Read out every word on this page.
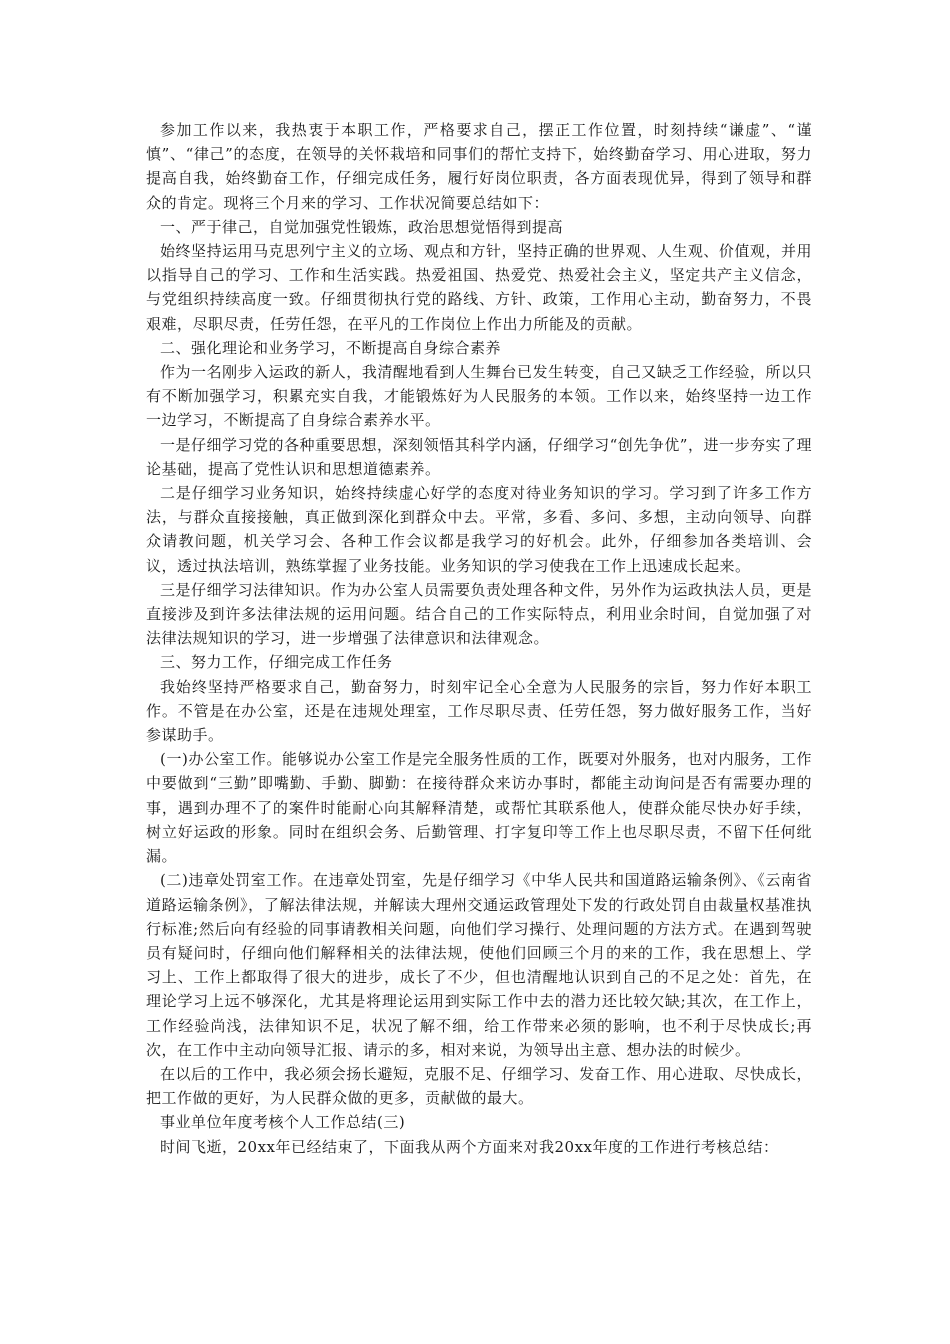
参加工作以来，我热衷于本职工作，严格要求自己，摆正工作位置，时刻持续“谦虚”、“谨慎”、“律己”的态度，在领导的关怀栽培和同事们的帮忙支持下，始终勤奋学习、用心进取，努力提高自我，始终勤奋工作，仔细完成任务，履行好岗位职责，各方面表现优异，得到了领导和群众的肯定。现将三个月来的学习、工作状况简要总结如下：

一、严于律己，自觉加强党性锻炼，政治思想觉悟得到提高

始终坚持运用马克思列宁主义的立场、观点和方针，坚持正确的世界观、人生观、价值观，并用以指导自己的学习、工作和生活实践。热爱祖国、热爱党、热爱社会主义，坚定共产主义信念，与党组织持续高度一致。仔细贯彻执行党的路线、方针、政策，工作用心主动，勤奋努力，不畏艰难，尽职尽责，任劳任怨，在平凡的工作岗位上作出力所能及的贡献。

二、强化理论和业务学习，不断提高自身综合素养

作为一名刚步入运政的新人，我清醒地看到人生舞台已发生转变，自己又缺乏工作经验，所以只有不断加强学习，积累充实自我，才能锻炼好为人民服务的本领。工作以来，始终坚持一边工作一边学习，不断提高了自身综合素养水平。

一是仔细学习党的各种重要思想，深刻领悟其科学内涵，仔细学习“创先争优”，进一步夯实了理论基础，提高了党性认识和思想道德素养。

二是仔细学习业务知识，始终持续虚心好学的态度对待业务知识的学习。学习到了许多工作方法，与群众直接接触，真正做到深化到群众中去。平常，多看、多问、多想，主动向领导、向群众请教问题，机关学习会、各种工作会议都是我学习的好机会。此外，仔细参加各类培训、会议，透过执法培训，熟练掌握了业务技能。业务知识的学习使我在工作上迅速成长起来。

三是仔细学习法律知识。作为办公室人员需要负责处理各种文件，另外作为运政执法人员，更是直接涉及到许多法律法规的运用问题。结合自己的工作实际特点，利用业余时间，自觉加强了对法律法规知识的学习，进一步增强了法律意识和法律观念。

三、努力工作，仔细完成工作任务

我始终坚持严格要求自己，勤奋努力，时刻牢记全心全意为人民服务的宗旨，努力作好本职工作。不管是在办公室，还是在违规处理室，工作尽职尽责、任劳任怨，努力做好服务工作，当好参谋助手。

(一)办公室工作。能够说办公室工作是完全服务性质的工作，既要对外服务，也对内服务，工作中要做到“三勤”即嘴勤、手勤、脚勤：在接待群众来访办事时，都能主动询问是否有需要办理的事，遇到办理不了的案件时能耐心向其解释清楚，或帮忙其联系他人，使群众能尽快办好手续，树立好运政的形象。同时在组织会务、后勤管理、打字复印等工作上也尽职尽责，不留下任何纰漏。

(二)违章处罚室工作。在违章处罚室，先是仔细学习《中华人民共和国道路运输条例》、《云南省道路运输条例》，了解法律法规，并解读大理州交通运政管理处下发的行政处罚自由裁量权基准执行标准;然后向有经验的同事请教相关问题，向他们学习操行、处理问题的方法方式。在遇到驾驶员有疑问时，仔细向他们解释相关的法律法规，使他们回顾三个月的来的工作，我在思想上、学习上、工作上都取得了很大的进步，成长了不少，但也清醒地认识到自己的不足之处：首先，在理论学习上远不够深化，尤其是将理论运用到实际工作中去的潜力还比较欠缺;其次，在工作上，工作经验尚浅，法律知识不足，状况了解不细，给工作带来必须的影响，也不利于尽快成长;再次，在工作中主动向领导汇报、请示的多，相对来说，为领导出主意、想办法的时候少。

在以后的工作中，我必须会扬长避短，克服不足、仔细学习、发奋工作、用心进取、尽快成长，把工作做的更好，为人民群众做的更多，贡献做的最大。

事业单位年度考核个人工作总结(三)

时间飞逝，20xx年已经结束了，下面我从两个方面来对我20xx年度的工作进行考核总结：
